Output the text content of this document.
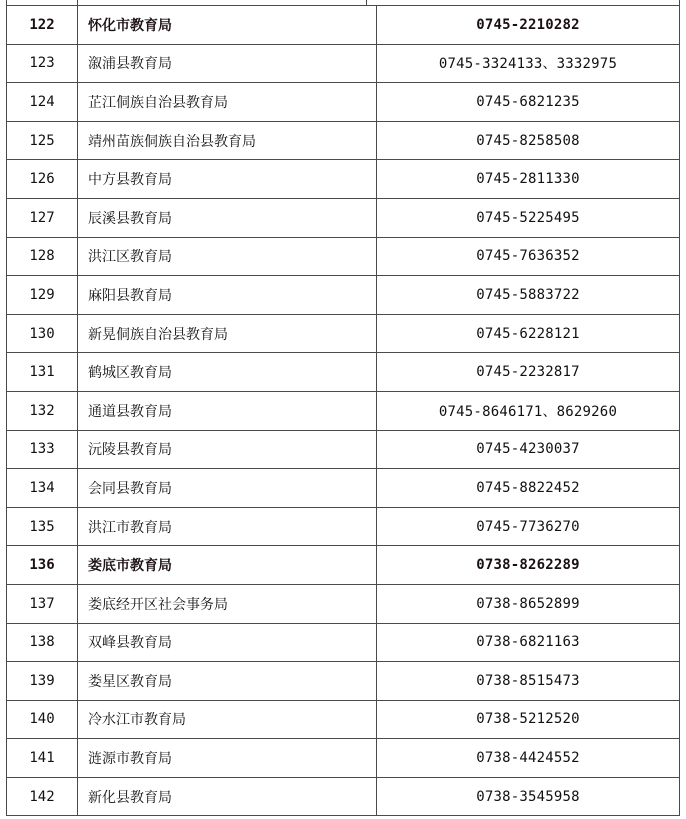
122	怀化市教育局	0745-2210282
123	溆浦县教育局	0745-3324133、3332975
124	芷江侗族自治县教育局	0745-6821235
125	靖州苗族侗族自治县教育局	0745-8258508
126	中方县教育局	0745-2811330
127	辰溪县教育局	0745-5225495
128	洪江区教育局	0745-7636352
129	麻阳县教育局	0745-5883722
130	新晃侗族自治县教育局	0745-6228121
131	鹤城区教育局	0745-2232817
132	通道县教育局	0745-8646171、8629260
133	沅陵县教育局	0745-4230037
134	会同县教育局	0745-8822452
135	洪江市教育局	0745-7736270
136	娄底市教育局	0738-8262289
137	娄底经开区社会事务局	0738-8652899
138	双峰县教育局	0738-6821163
139	娄星区教育局	0738-8515473
140	冷水江市教育局	0738-5212520
141	涟源市教育局	0738-4424552
142	新化县教育局	0738-3545958
